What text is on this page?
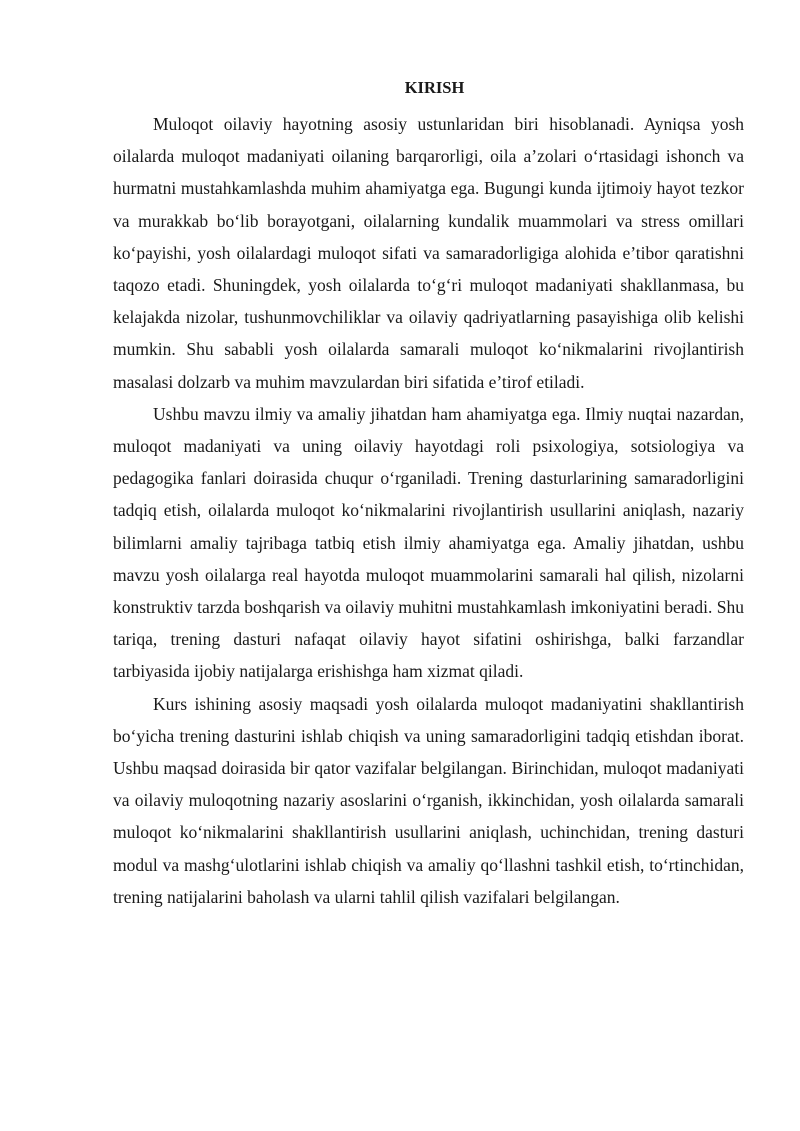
KIRISH

Muloqot oilaviy hayotning asosiy ustunlaridan biri hisoblanadi. Ayniqsa yosh oilalarda muloqot madaniyati oilaning barqarorligi, oila a’zolari o‘rtasidagi ishonch va hurmatni mustahkamlashda muhim ahamiyatga ega. Bugungi kunda ijtimoiy hayot tezkor va murakkab bo‘lib borayotgani, oilalarning kundalik muammolari va stress omillari ko‘payishi, yosh oilalardagi muloqot sifati va samaradorligiga alohida e’tibor qaratishni taqozo etadi. Shuningdek, yosh oilalarda to‘g‘ri muloqot madaniyati shakllanmasa, bu kelajakda nizolar, tushunmovchiliklar va oilaviy qadriyatlarning pasayishiga olib kelishi mumkin. Shu sababli yosh oilalarda samarali muloqot ko‘nikmalarini rivojlantirish masalasi dolzarb va muhim mavzulardan biri sifatida e’tirof etiladi.

Ushbu mavzu ilmiy va amaliy jihatdan ham ahamiyatga ega. Ilmiy nuqtai nazardan, muloqot madaniyati va uning oilaviy hayotdagi roli psixologiya, sotsiologiya va pedagogika fanlari doirasida chuqur o‘rganiladi. Trening dasturlarining samaradorligini tadqiq etish, oilalarda muloqot ko‘nikmalarini rivojlantirish usullarini aniqlash, nazariy bilimlarni amaliy tajribaga tatbiq etish ilmiy ahamiyatga ega. Amaliy jihatdan, ushbu mavzu yosh oilalarga real hayotda muloqot muammolarini samarali hal qilish, nizolarni konstruktiv tarzda boshqarish va oilaviy muhitni mustahkamlash imkoniyatini beradi. Shu tariqa, trening dasturi nafaqat oilaviy hayot sifatini oshirishga, balki farzandlar tarbiyasida ijobiy natijalarga erishishga ham xizmat qiladi.

Kurs ishining asosiy maqsadi yosh oilalarda muloqot madaniyatini shakllantirish bo‘yicha trening dasturini ishlab chiqish va uning samaradorligini tadqiq etishdan iborat. Ushbu maqsad doirasida bir qator vazifalar belgilangan. Birinchidan, muloqot madaniyati va oilaviy muloqotning nazariy asoslarini o‘rganish, ikkinchidan, yosh oilalarda samarali muloqot ko‘nikmalarini shakllantirish usullarini aniqlash, uchinchidan, trening dasturi modul va mashg‘ulotlarini ishlab chiqish va amaliy qo‘llashni tashkil etish, to‘rtinchidan, trening natijalarini baholash va ularni tahlil qilish vazifalari belgilangan.
